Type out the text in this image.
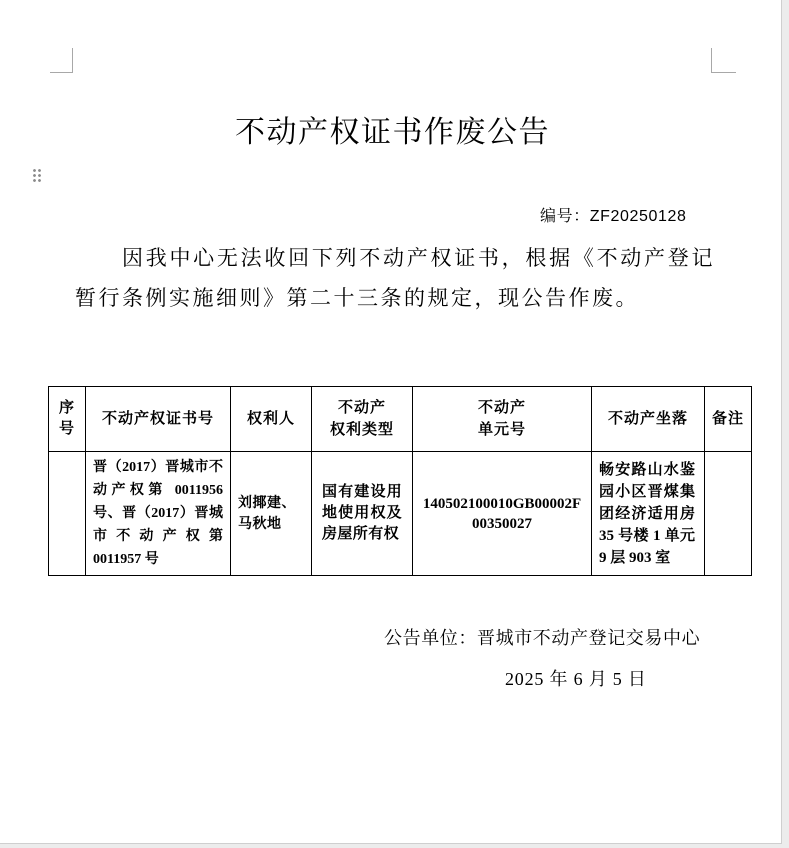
不动产权证书作废公告
编号：ZF20250128
因我中心无法收回下列不动产权证书，根据《不动产登记暂行条例实施细则》第二十三条的规定，现公告作废。
序号
不动产权证书号 权利人
不动产
权利类型
不动产
单元号
不动产坐落 备注
晋（2017）晋城市不动产权第 0011956 号、晋（2017）晋城市不动产权第 0011957 号
刘揶建、马秋地
国有建设用地使用权及房屋所有权
140502100010GB00002F00350027
畅安路山水鉴园小区晋煤集团经济适用房35 号楼 1 单元 9 层 903 室
公告单位：晋城市不动产登记交易中心
2025 年 6 月 5 日
